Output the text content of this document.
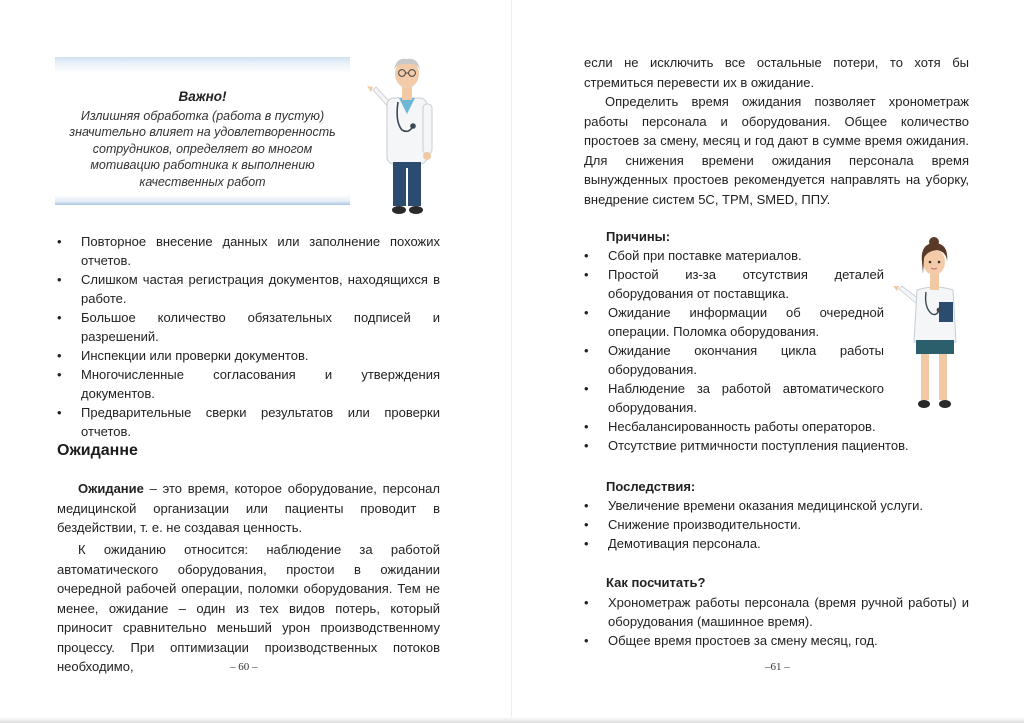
Важно!
Излишняя обработка (работа в пустую)
значительно влияет на удовлетворенность
сотрудников, определяет во многом
мотивацию работника к выполнению
качественных работ
• Повторное внесение данных или заполнение похожих отчетов.
• Слишком частая регистрация документов, находящихся в работе.
• Большое количество обязательных подписей и разрешений.
• Инспекции или проверки документов.
• Многочисленные согласования и утверждения документов.
• Предварительные сверки результатов или проверки отчетов.
Ожиданне

Ожидание – это время, которое оборудование, персонал медицинской организации или пациенты проводит в бездействии, т. е. не создавая ценность.

К ожиданию относится: наблюдение за работой автоматического оборудования, простои в ожидании очередной рабочей операции, поломки оборудования. Тем не менее, ожидание – один из тех видов потерь, который приносит сравнительно меньший урон производственному процессу. При оптимизации производственных потоков необходимо,	– 60 –

если не исключить все остальные потери, то хотя бы стремиться перевести их в ожидание.

Определить время ожидания позволяет хронометраж работы персонала и оборудования. Общее количество простоев за смену, месяц и год дают в сумме время ожидания. Для снижения времени ожидания персонала время вынужденных простоев рекомендуется направлять на уборку, внедрение систем 5С, ТРМ, SMED, ППУ.

Причины:
• Сбой при поставке материалов.
• Простой из-за отсутствия деталей оборудования от поставщика.
• Ожидание информации об очередной операции. Поломка оборудования.
• Ожидание окончания цикла работы оборудования.
• Наблюдение за работой автоматического оборудования.
• Несбалансированность работы операторов.
• Отсутствие ритмичности поступления пациентов.
Последствия:
• Увеличение времени оказания медицинской услуги.
• Снижение производительности.
• Демотивация персонала.
Как посчитать?
• Хронометраж работы персонала (время ручной работы) и оборудования (машинное время).
• Общее время простоев за смену месяц, год.
–61 –
